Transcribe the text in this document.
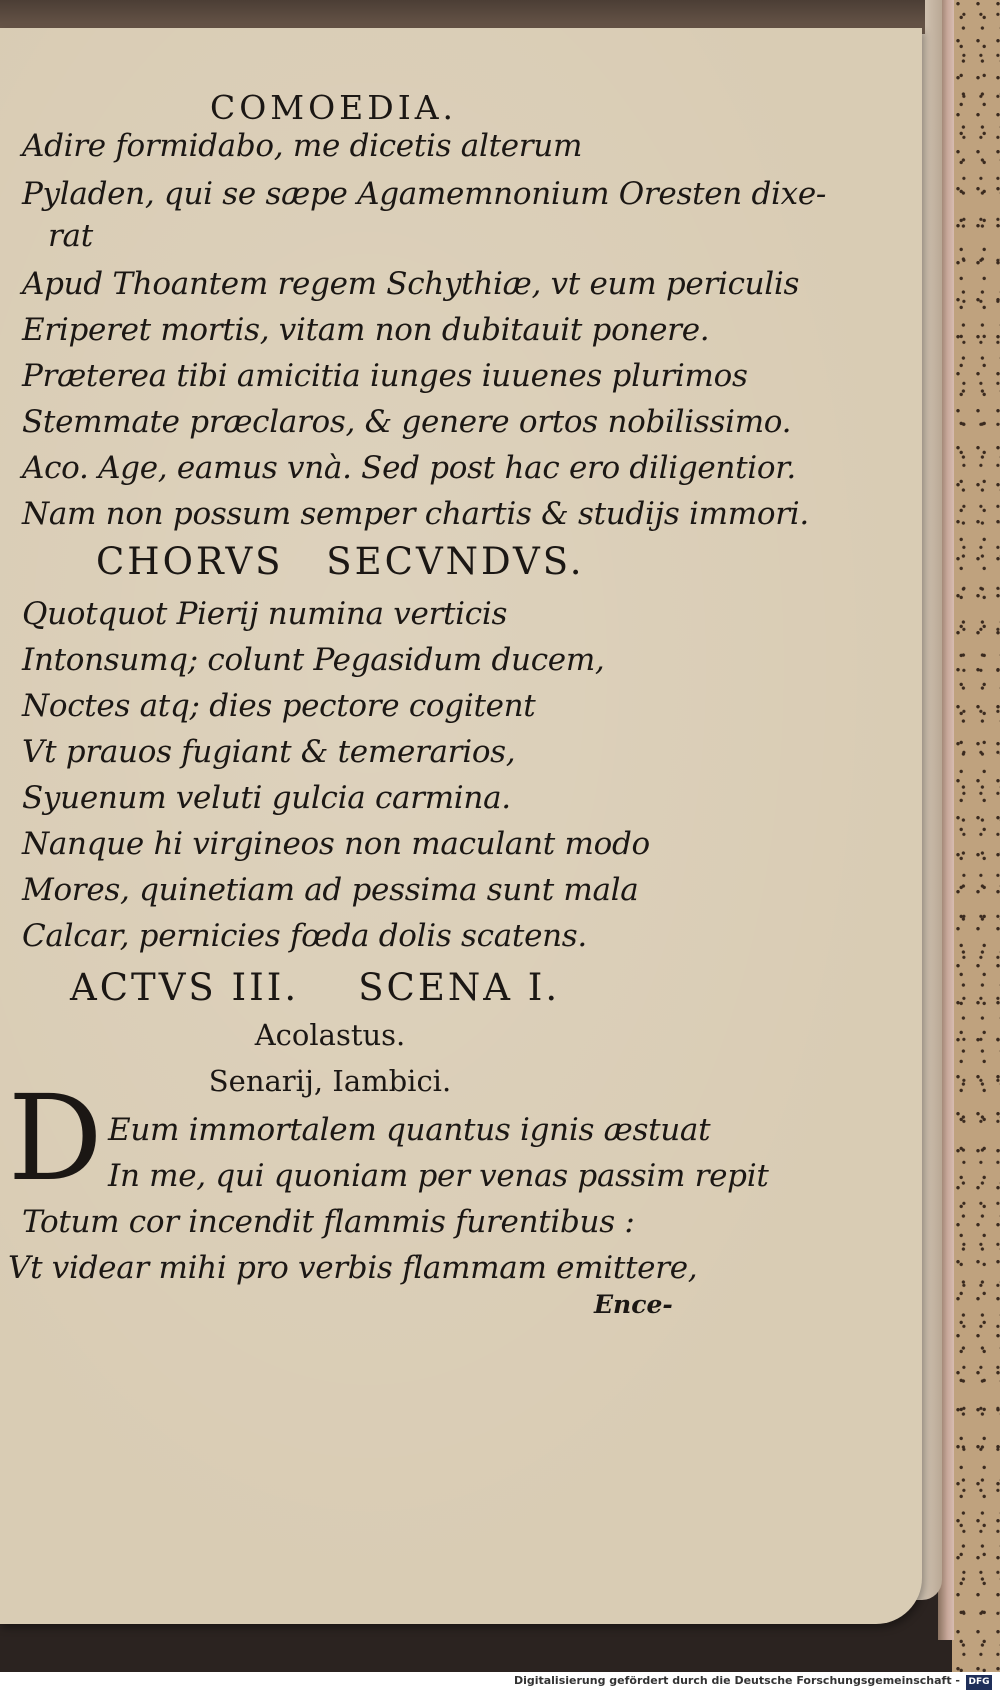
COMOEDIA.
Adire formidabo, me dicetis alterum
Pyladen, qui se sæpe Agamemnonium Oresten dixe-
rat
Apud Thoantem regem Schythiæ, vt eum periculis
Eriperet mortis, vitam non dubitauit ponere.
Præterea tibi amicitia iunges iuuenes plurimos
Stemmate præclaros, & genere ortos nobilissimo.
Aco. Age, eamus vnà. Sed post hac ero diligentior.
Nam non possum semper chartis & studijs immori.
CHORVS SECVNDVS.
Quotquot Pierij numina verticis
Intonsumq; colunt Pegasidum ducem,
Noctes atq; dies pectore cogitent
Vt prauos fugiant & temerarios,
Syuenum veluti gulcia carmina.
Nanque hi virgineos non maculant modo
Mores, quinetiam ad pessima sunt mala
Calcar, pernicies fœda dolis scatens.
ACTVS III.    SCENA I.
Acolastus.
Senarij, Iambici.
D Eum immortalem quantus ignis æstuat
In me, qui quoniam per venas passim repit
Totum cor incendit flammis furentibus :
Vt videar mihi pro verbis flammam emittere,
Ence-
Digitalisierung gefördert durch die Deutsche Forschungsgemeinschaft - DFG
